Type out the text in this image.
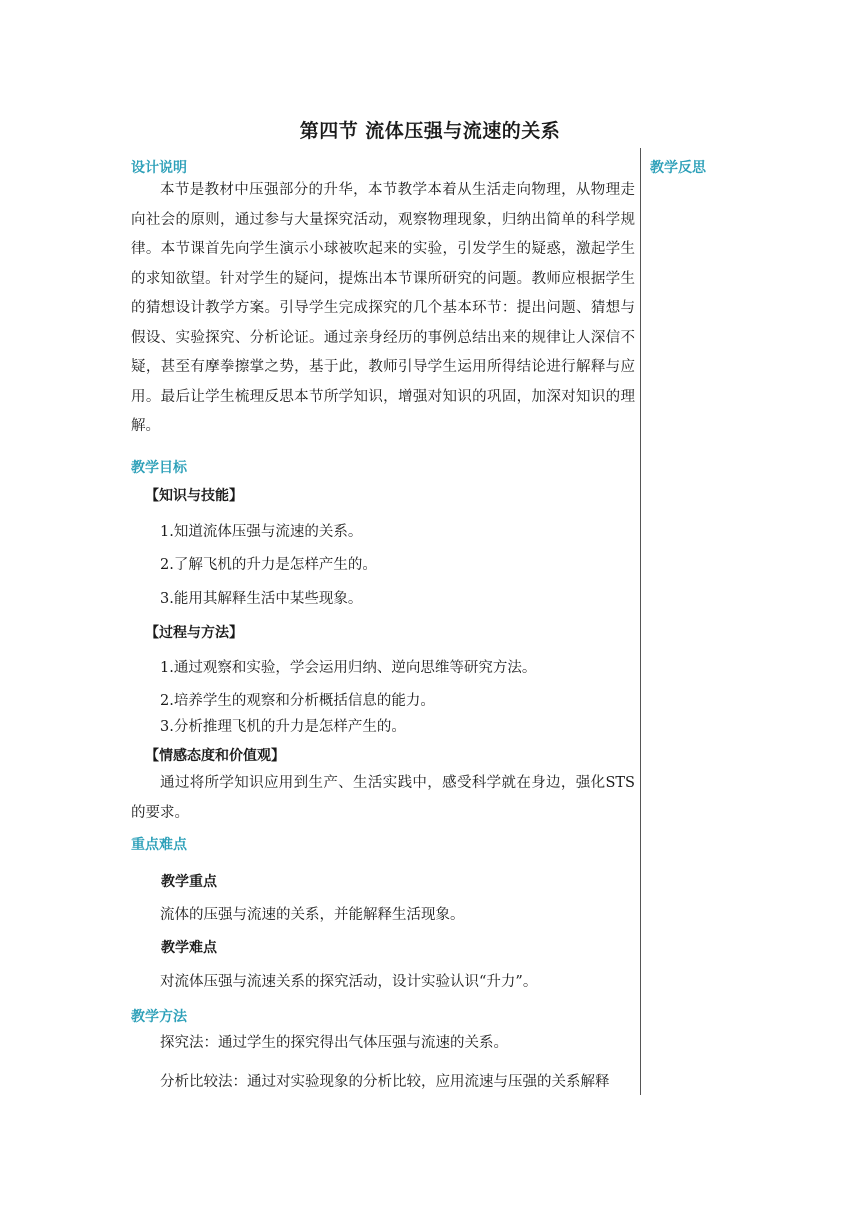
第四节 流体压强与流速的关系
教学反思
设计说明

本节是教材中压强部分的升华，本节教学本着从生活走向物理，从物理走向社会的原则，通过参与大量探究活动，观察物理现象，归纳出简单的科学规律。本节课首先向学生演示小球被吹起来的实验，引发学生的疑惑，激起学生的求知欲望。针对学生的疑问，提炼出本节课所研究的问题。教师应根据学生的猜想设计教学方案。引导学生完成探究的几个基本环节：提出问题、猜想与假设、实验探究、分析论证。通过亲身经历的事例总结出来的规律让人深信不疑，甚至有摩拳擦掌之势，基于此，教师引导学生运用所得结论进行解释与应用。最后让学生梳理反思本节所学知识，增强对知识的巩固，加深对知识的理解。

教学目标
【知识与技能】
1.知道流体压强与流速的关系。
2.了解飞机的升力是怎样产生的。
3.能用其解释生活中某些现象。
【过程与方法】
1.通过观察和实验，学会运用归纳、逆向思维等研究方法。
2.培养学生的观察和分析概括信息的能力。
3.分析推理飞机的升力是怎样产生的。
【情感态度和价值观】

通过将所学知识应用到生产、生活实践中，感受科学就在身边，强化STS的要求。

重点难点
教学重点
流体的压强与流速的关系，并能解释生活现象。
教学难点
对流体压强与流速关系的探究活动，设计实验认识“升力”。
教学方法
探究法：通过学生的探究得出气体压强与流速的关系。
分析比较法：通过对实验现象的分析比较，应用流速与压强的关系解释
